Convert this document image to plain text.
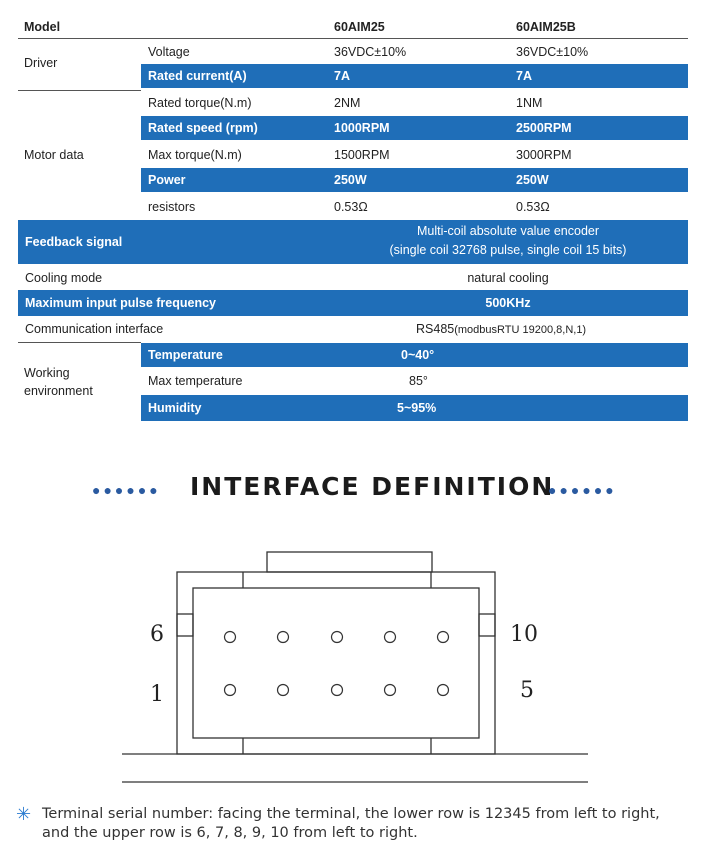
Model	60AIM25	60AIM25B
Driver
Voltage	36VDC±10%	36VDC±10%
Rated current(A)	7A	7A
Motor data
Rated torque(N.m)	2NM	1NM
Rated speed (rpm)	1000RPM	2500RPM
Max torque(N.m)	1500RPM	3000RPM
Power	250W	250W
resistors	0.53Ω	0.53Ω
Feedback signal
Multi-coil absolute value encoder
(single coil 32768 pulse, single coil 15 bits)
Cooling mode	natural cooling
Maximum input pulse frequency	500KHz
Communication interface	RS485(modbusRTU 19200,8,N,1)
Working
environment
Temperature	0~40°
Max temperature	85°
Humidity	5~95%
●●●●●● INTERFACE DEFINITION
●●●●●●
6	10
1	5
✳ Terminal serial number: facing the terminal, the lower row is 12345 from left to right, and the upper row is 6, 7, 8, 9, 10 from left to right.
